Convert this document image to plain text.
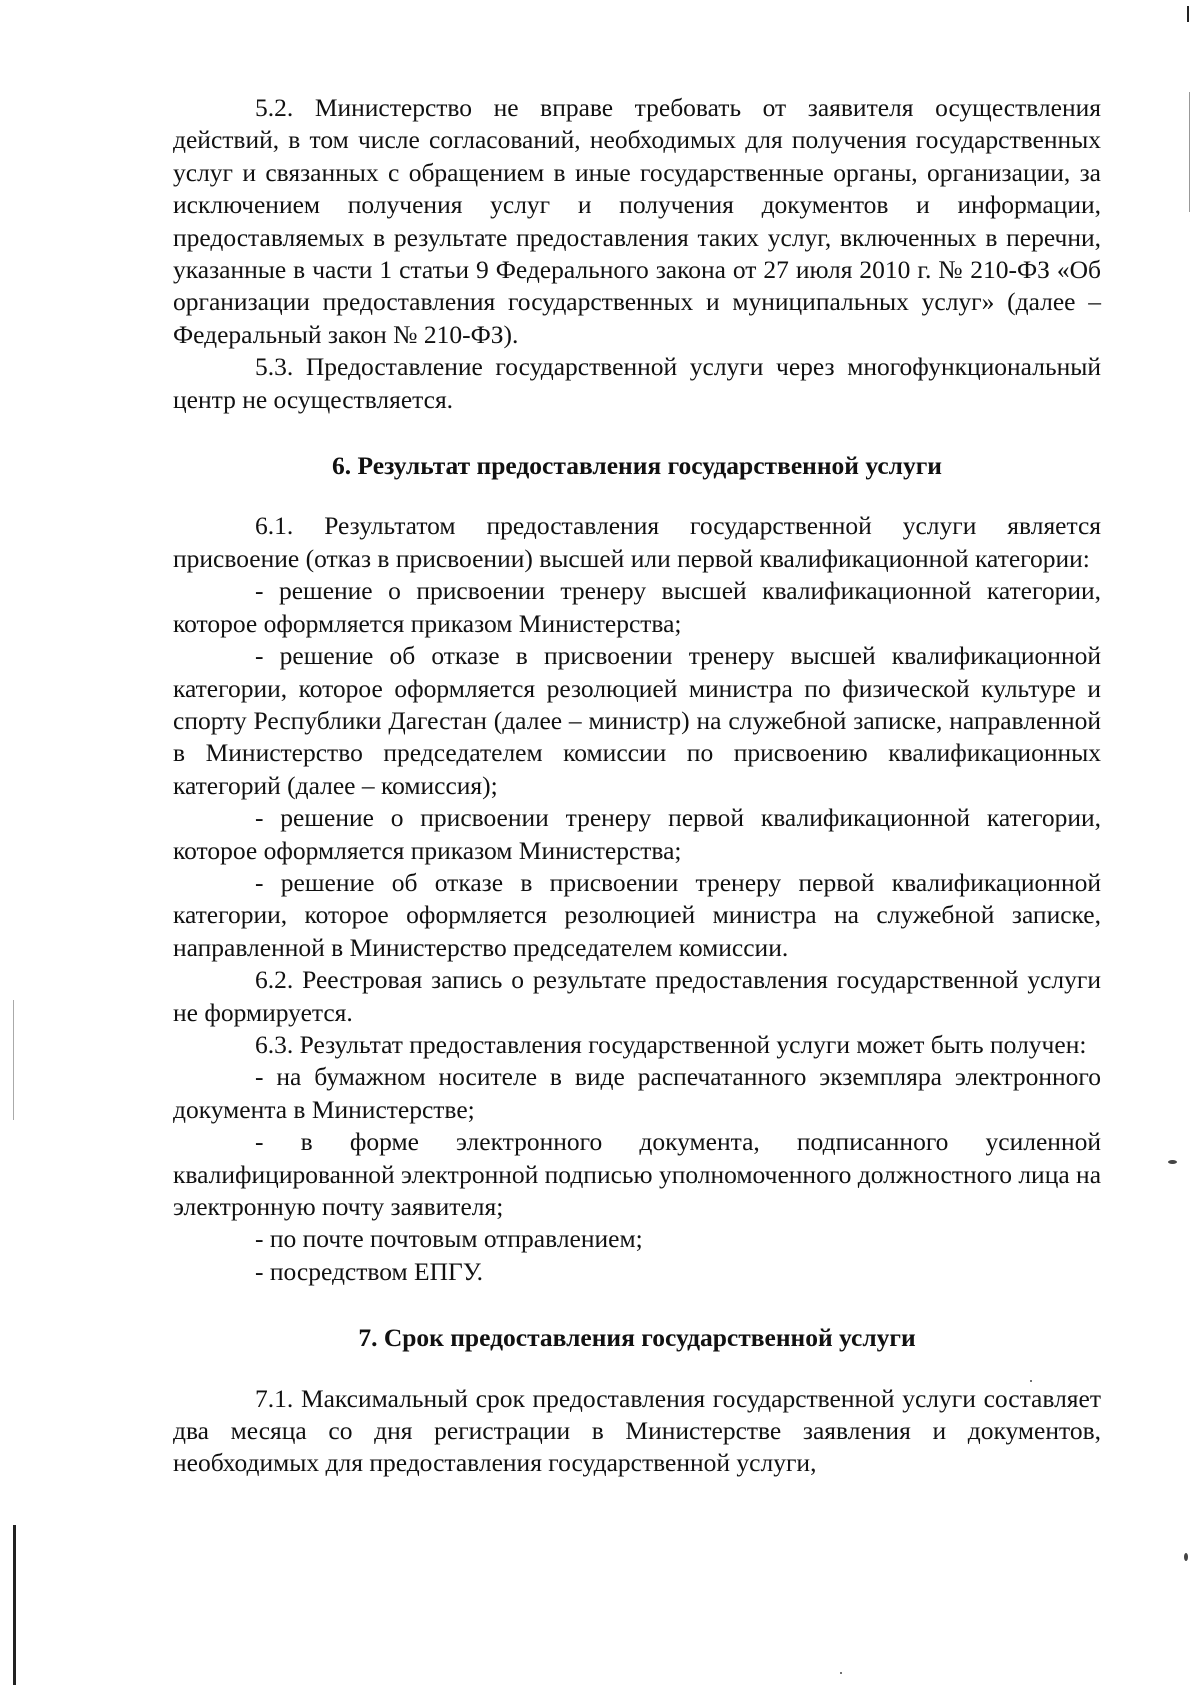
5.2. Министерство не вправе требовать от заявителя осуществления действий, в том числе согласований, необходимых для получения государственных услуг и связанных с обращением в иные государственные органы, организации, за исключением получения услуг и получения документов и информации, предоставляемых в результате предоставления таких услуг, включенных в перечни, указанные в части 1 статьи 9 Федерального закона от 27 июля 2010 г. № 210-ФЗ «Об организации предоставления государственных и муниципальных услуг» (далее – Федеральный закон № 210-ФЗ).

5.3. Предоставление государственной услуги через многофункциональный центр не осуществляется.

6. Результат предоставления государственной услуги

6.1. Результатом предоставления государственной услуги является присвоение (отказ в присвоении) высшей или первой квалификационной категории:

- решение о присвоении тренеру высшей квалификационной категории, которое оформляется приказом Министерства;

- решение об отказе в присвоении тренеру высшей квалификационной категории, которое оформляется резолюцией министра по физической культуре и спорту Республики Дагестан (далее – министр) на служебной записке, направленной в Министерство председателем комиссии по присвоению квалификационных категорий (далее – комиссия);

- решение о присвоении тренеру первой квалификационной категории, которое оформляется приказом Министерства;

- решение об отказе в присвоении тренеру первой квалификационной категории, которое оформляется резолюцией министра на служебной записке, направленной в Министерство председателем комиссии.

6.2. Реестровая запись о результате предоставления государственной услуги не формируется.

6.3. Результат предоставления государственной услуги может быть получен:

- на бумажном носителе в виде распечатанного экземпляра электронного документа в Министерстве;

- в форме электронного документа, подписанного усиленной квалифицированной электронной подписью уполномоченного должностного лица на электронную почту заявителя;

- по почте почтовым отправлением;

- посредством ЕПГУ.

7. Срок предоставления государственной услуги

7.1. Максимальный срок предоставления государственной услуги составляет два месяца со дня регистрации в Министерстве заявления и документов, необходимых для предоставления государственной услуги,
